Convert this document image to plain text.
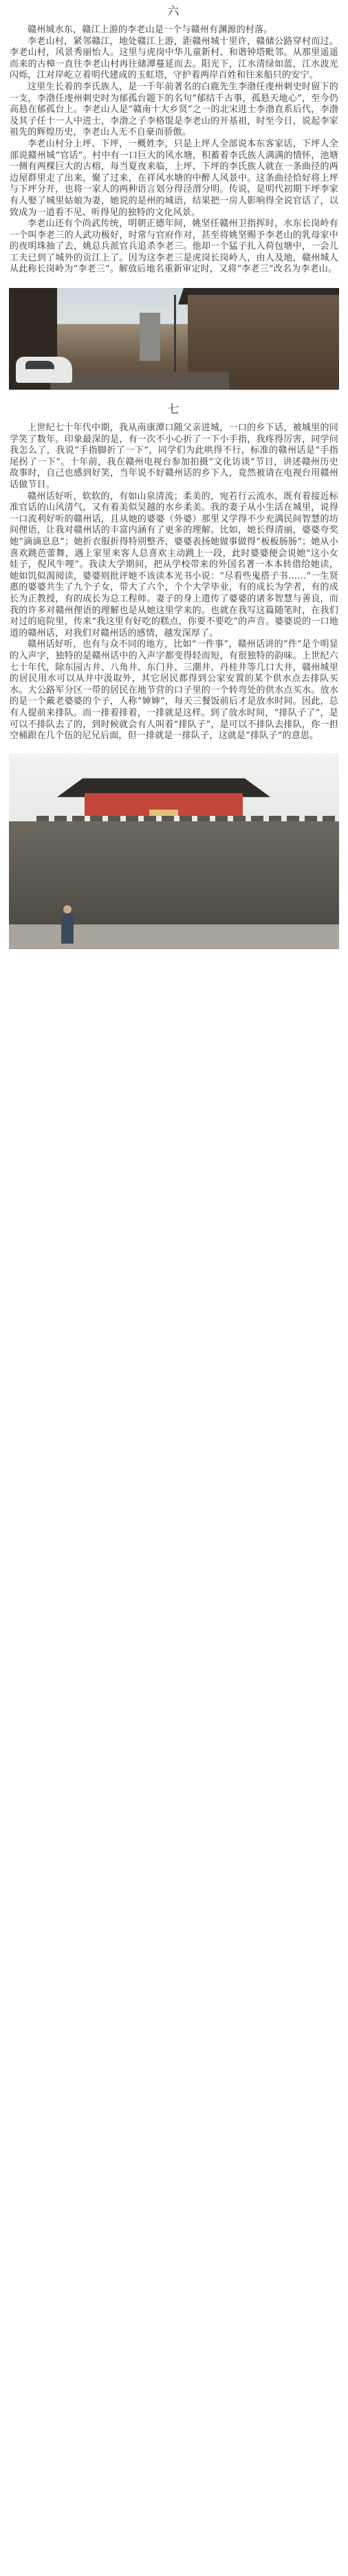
六

赣州城水东，赣江上游的李老山是一个与赣州有渊源的村落。

李老山村，紧邻赣江，地处赣江上游，距赣州城十里许，赣储公路穿村而过。李老山村，风景秀丽怡人。这里与虎岗中华儿童新村、和谐钟塔毗邻。从那里遥遥而来的古樟一直往李老山村再往储潭蔓延而去。阳光下，江水清绿如蓝，江水波光闪烁，江对岸屹立着明代建成的玉虹塔，守护着两岸百姓和往来船只的安宁。

这里生长着的李氏族人，是一千年前著名的白鹿先生李渤任虔州刺史时留下的一支，李渤任虔州刺史时为郁孤台题下的名句“郁结千古事，孤悬天地心”，至今仍高悬在郁孤台上。李老山人是“赣南十大乡贤”之一的北宋进士李渤直系后代，李渤及其子任十一人中进士，李渤之子李格馄是李老山的开基祖，时至今日，说起李家祖先的辉煌历史，李老山人无不自豪而骄傲。

李老山村分上坪、下坪，一概姓李，只是上坪人全部说本东客家话，下坪人全部说赣州城“官话”。村中有一口巨大的风水塘，积蓄着李氏族人满满的情怀，池塘一侧有两棵巨大的古榕，每当夏夜来临，上坪、下坪的李氏族人就在一条曲径的两边屋群里走了出来，聚了过来，在祥风水塘的中醉人风景中。这条曲径恰好将上坪与下坪分开，也将一家人的两种语言划分得泾渭分明。传说，是明代初期下坪李家有人娶了城里姑娘为妻，她说的是州的城语，结果把一房人影响得全说官话了，以致成为一道看不见、听得见的独特的文化风景。

李老山还有个尚武传统，明朝正德年间，姚坚任赣州卫指挥时，水东长岗岭有一个叫李老三的人武功极好，时常与官府作对，甚至将姚坚赐予李老山的乳母家中的夜明珠抽了去，姚总兵派官兵追杀李老三。他却一个猛子扎入荷包塘中，一会儿工夫已到了城外的贡江上了。因为这李老三是虎岗长岗岭人，由人及地，赣州城人从此称长岗岭为“李老三”。解放后地名重新审定时，又将“李老三”改名为李老山。

七

上世纪七十年代中期，我从南康潭口随父亲进城，一口的乡下话，被城里的同学笑了数年。印象最深的是，有一次不小心折了一下小手指，我疼得厉害，同学问我怎么了，我说“手指脚折了一下”，同学们为此哄得不行，标准的赣州话是“手指尾拐了一下”。十年前，我在赣州电视台参加拍摄“文化访谈”节目，讲述赣州历史故事时，自己也感到好笑，当年说不好赣州话的乡下人，竟然被请在电视台用赣州话做节目。

赣州话好听，软软的，有如山泉清流；柔美的，宛若行云流水，既有着接近标准官话的山风清气，又有着美似吴越的水乡柔美。我的妻子从小生活在城里，说得一口流利好听的赣州话，且从她的婆婆（外婆）那里又学得不少充满民间智慧的坊间俚语，让我对赣州话的丰富内涵有了更多的理解。比如，她长得清丽，婆婆夸奖她“滴滴息息”；她折衣服折得特别整齐，婆婆表扬她做事做得“板板肠肠”；她从小喜欢跳芭蕾舞，遇上家里来客人总喜欢主动跳上一段，此时婆婆便会说她“这小女娃子，倪风牛哩”。我读大学期间，把从学校带来的外国名著一本本转借给她读，她如饥似渴阅读，婆婆则批评她不该读本光书小说：“尽看些鬼搭子书……”一生贤惠的婆婆共生了九个子女，带大了六个，个个大学毕业，有的成长为学者，有的成长为正教授，有的成长为总工程师。妻子的身上遗传了婆婆的诸多智慧与善良，而我的许多对赣州俚语的理解也是从她这里学来的。也就在我写这篇随笔时，在我们对过的庭院里，传来“我这里有好吃的糕点，你要不要吃”的声音。婆婆说的一口地道的赣州话，对我们对赣州话的感情，越发深厚了。

赣州话好听，也有与众不同的地方，比如“一件事”，赣州话讲的“件”是个明显的入声字，独特的是赣州话中的入声字都变得轻而短，有很独特的韵味。上世纪六七十年代，除东园古井、八角井、东门井、三潮井、丹桂井等几口大井，赣州城里的居民用水可以从井中汲取外，其它居民都得到公家安置的某个供水点去排队买水。大公路军分区一带的居民在地节营的口子里的一个转弯处的供水点买水。放水的是一个戴老婆婆的个子，人称“婶婶”，每天三餐饭前后才是放水时间。因此，总有人提前来排队。而一排着排着，一排就是这样。到了放水时间，“排队子了”，是可以不排队去了的，到时候就会有人叫着“排队子”，是可以不排队去排队，你一担空桶跟在几个伍的尼兄后面，但一排就是一排队子，这就是“排队子”的意思。
